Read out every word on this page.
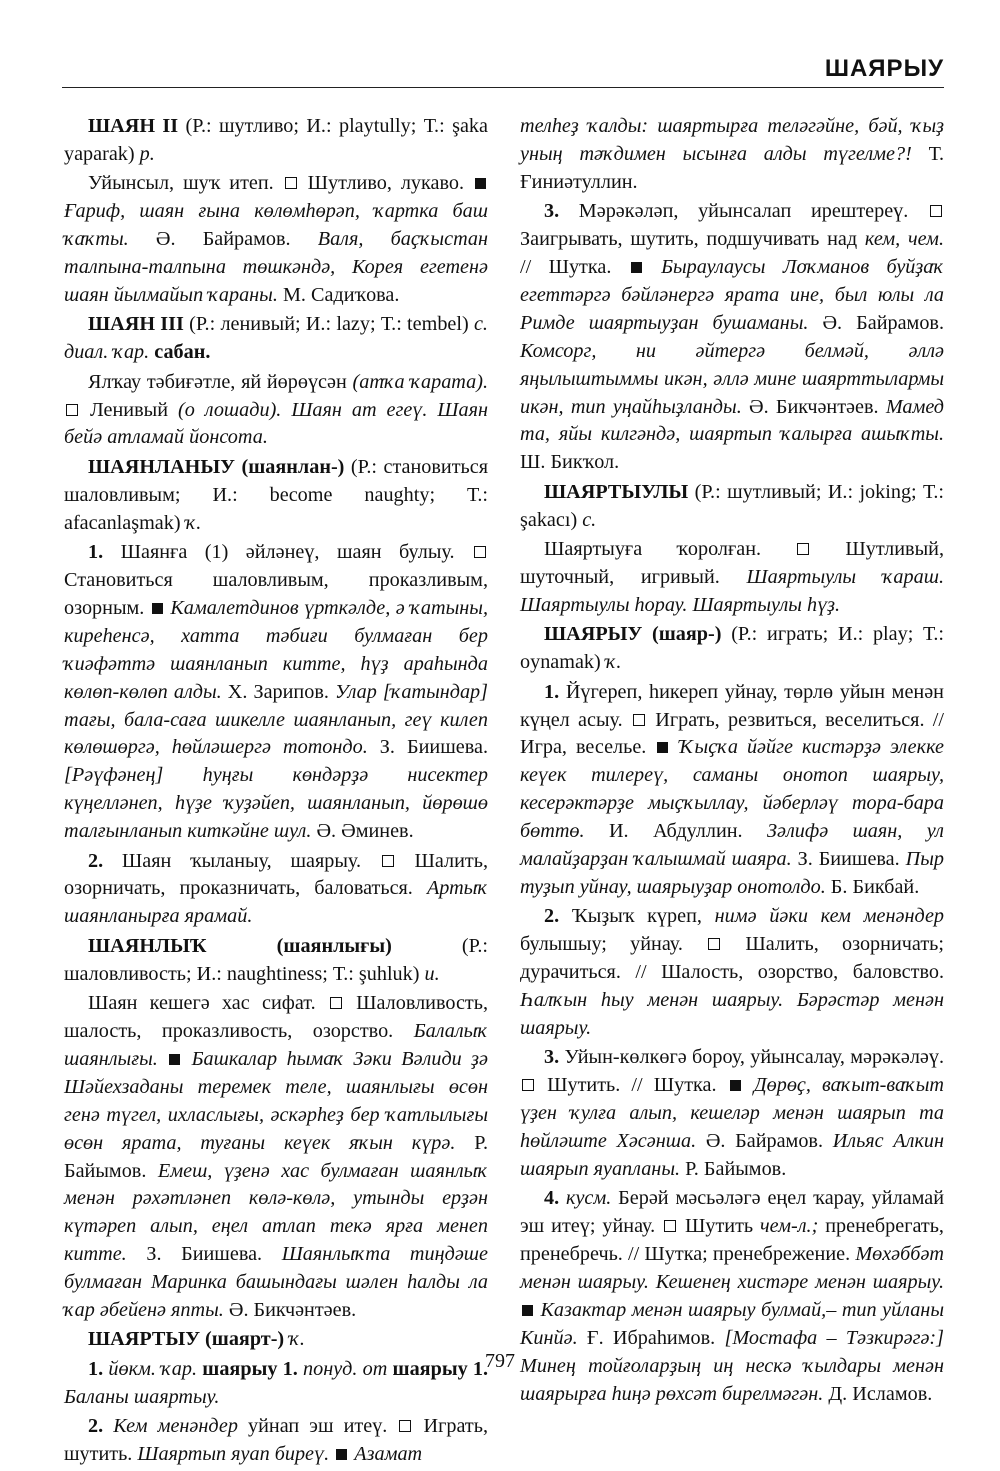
ШАЯРЫУ

ШАЯН II (Р.: шутливо; И.: playtully; Т.: şaka yaparak) p.

Уйынсыл, шуҡ итеп.  Шутливо, лукаво.  Ғариф, шаян ғына көлөмһөрәп, ҡартка баш ҡаҡты. Ә. Байрамов. Валя, баҫҡыстан талпына-талпына төшкәндә, Корея егетенә шаян йылмайып ҡараны. М. Садиҡова.

ШАЯН III (Р.: ленивый; И.: lazy; Т.: tembel) с. диал. ҡар. сабан.

Ялҡау тәбиғәтле, яй йөрөүсән (атҡа ҡарата).  Ленивый (о лошади). Шаян ат егеү. Шаян бейә атламай йонсота.

ШАЯНЛАНЫУ (шаянлан-) (Р.: становиться шаловливым; И.: become naughty; Т.: afacanlaşmak) ҡ.

1. Шаянға (1) әйләнеү, шаян булыу.  Становиться шаловливым, проказливым, озорным.  Камалетдинов үрткәлде, ә ҡатыны, киреһенсә, хатта тәбиғи булмаған бер ҡиәфәттә шаянланып китте, һүҙ араһында көлөп-көлөп алды. Х. Зарипов. Улар [ҡатындар] тағы, бала-саға шикелле шаянланып, геү килеп көлөшөргә, һөйләшергә тотондо. З. Биишева. [Рәүфәнең] һуңғы көндәрҙә нисектер күңелләнеп, һүҙе ҡуҙәйеп, шаянланып, йөрөшө талғынланып киткәйне шул. Ә. Әминев.

2. Шаян ҡыланыу, шаярыу.  Шалить, озорничать, проказничать, баловаться. Артыҡ шаянланырға ярамай.

ШАЯНЛЫҠ (шаянлығы) (Р.: шаловливость; И.: naughtiness; Т.: şuhluk) и.

Шаян кешегә хас сифат.  Шаловливость, шалость, проказливость, озорство. Балалыҡ шаянлығы.  Башкалар һымаҡ Зәки Вәлиди ҙә Шәйехзаданы теремек теле, шаянлығы өсөн генә түгел, ихласлығы, әскәрһеҙ бер ҡатлылығы өсөн ярата, туғаны кеүек яҡын күрә. Р. Байымов. Емеш, үҙенә хас булмаған шаянлыҡ менән рәхәтләнеп көлә-көлә, утынды ерҙән күтәреп алып, еңел атлап текә ярға менеп китте. З. Биишева. Шаянлыҡта тиңдәше булмаған Маринка башындағы шәлен һалды ла ҡар әбейенә япты. Ә. Бикчәнтәев.

ШАЯРТЫУ (шаярт-) ҡ.

1. йөкм. ҡар. шаярыу 1. понуд. от шаярыу 1. Баланы шаяртыу.

2. Кем менәндер уйнап эш итеү.  Играть, шутить. Шаяртып яуап биреү.  Азамат

телһеҙ ҡалды: шаяртырға теләгәйне, бәй, ҡыҙ уның тәҡдимен ысынға алды түгелме?! Т. Ғиниәтуллин.

3. Мәрәкәләп, уйынсалап ирештереү.  Заигрывать, шутить, подшучивать над кем, чем. // Шутка.  Быраулаусы Лоҡманов буйҙаҡ егеттәргә бәйләнергә ярата ине, был юлы ла Римде шаяртыуҙан бушаманы. Ә. Байрамов. Комсорг, ни әйтергә белмәй, әллә яңылыштыммы икән, әллә мине шаярттылармы икән, тип уңайһыҙланды. Ә. Бикчәнтәев. Мамед та, яйы килгәндә, шаяртып ҡалырға ашыҡты. Ш. Бикҡол.

ШАЯРТЫУЛЫ (Р.: шутливый; И.: joking; Т.: şakacı) с.

Шаяртыуға ҡоролған.  Шутливый, шуточный, игривый. Шаяртыулы ҡараш. Шаяртыулы һорау. Шаяртыулы һүҙ.

ШАЯРЫУ (шаяр-) (Р.: играть; И.: play; Т.: oynamak) ҡ.

1. Йүгереп, һикереп уйнау, төрлө уйын менән күңел асыу.  Играть, резвиться, веселиться. // Игра, веселье.  Ҡыҫҡа йәйге кистәрҙә элекке кеүек тилереү, саманы онотоп шаярыу, кесерәктәрҙе мыҫҡыллау, йәберләү тора-бара бөттө. И. Абдуллин. Зәлифә шаян, ул малайҙарҙан ҡалышмай шаяра. З. Биишева. Пыр туҙып уйнау, шаярыуҙар онотолдо. Б. Бикбай.

2. Ҡыҙыҡ күреп, нимә йәки кем менәндер булышыу; уйнау.  Шалить, озорничать; дурачиться. // Шалость, озорство, баловство. Һалҡын һыу менән шаярыу. Бәрәстәр менән шаярыу.

3. Уйын-көлкөгә бороу, уйынсалау, мәрәкәләү.  Шутить. // Шутка.  Дөрөҫ, ваҡыт-ваҡыт үҙен ҡулға алып, кешеләр менән шаярып та һөйләште Хәсәнша. Ә. Байрамов. Ильяс Алкин шаярып яуапланы. Р. Байымов.

4. кусм. Берәй мәсьәләгә еңел ҡарау, уйламай эш итеү; уйнау.  Шутить чем-л.; пренебрегать, пренебречь. // Шутка; пренебрежение. Мөхәббәт менән шаярыу. Кешенең хистәре менән шаярыу.  Казактар менән шаярыу булмай,– тип уйланы Кинйә. Ғ. Ибраһимов. [Мостафа – Тәзкирәгә:] Минең тойғоларҙың иң нескә ҡылдары менән шаярырға һиңә рөхсәт бирелмәгән. Д. Исламов.

797
